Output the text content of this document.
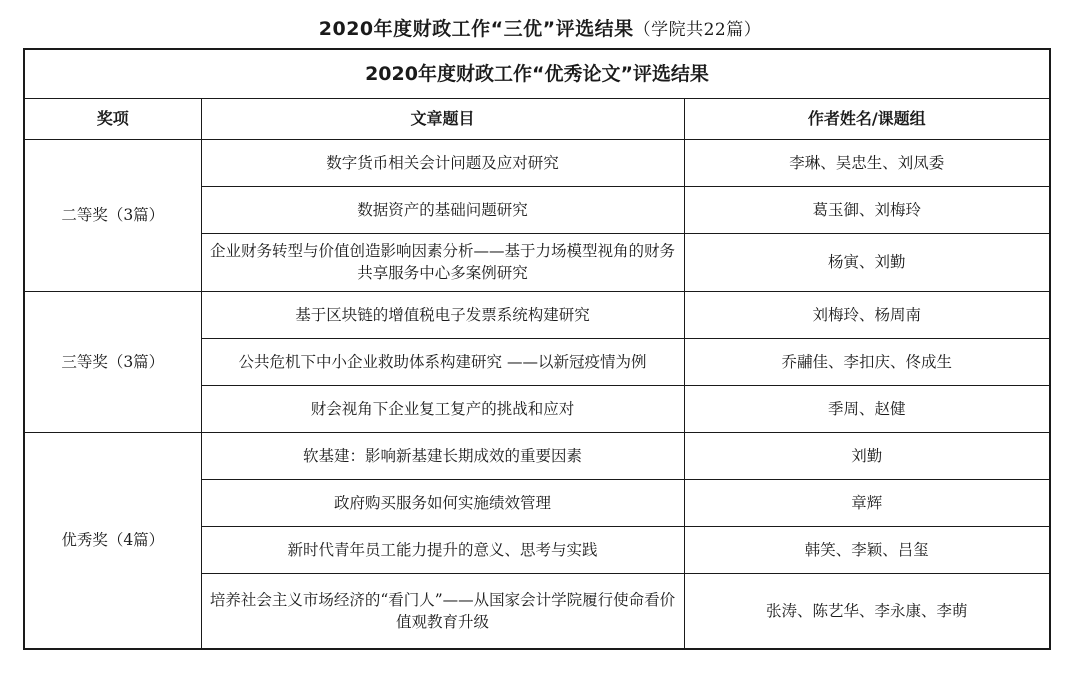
2020年度财政工作“三优”评选结果（学院共22篇）
2020年度财政工作“优秀论文”评选结果		
奖项	文章题目	作者姓名/课题组
二等奖（3篇）	数字货币相关会计问题及应对研究	李琳、吴忠生、刘凤委
	数据资产的基础问题研究	葛玉御、刘梅玲
	企业财务转型与价值创造影响因素分析——基于力场模型视角的财务共享服务中心多案例研究	杨寅、刘勤
三等奖（3篇）	基于区块链的增值税电子发票系统构建研究	刘梅玲、杨周南
	公共危机下中小企业救助体系构建研究 ——以新冠疫情为例	乔鬴佳、李扣庆、佟成生
	财会视角下企业复工复产的挑战和应对	季周、赵健
优秀奖（4篇）	软基建：影响新基建长期成效的重要因素	刘勤
	政府购买服务如何实施绩效管理	章辉
	新时代青年员工能力提升的意义、思考与实践	韩笑、李颖、吕玺
	培养社会主义市场经济的“看门人”——从国家会计学院履行使命看价值观教育升级	张涛、陈艺华、李永康、李萌
